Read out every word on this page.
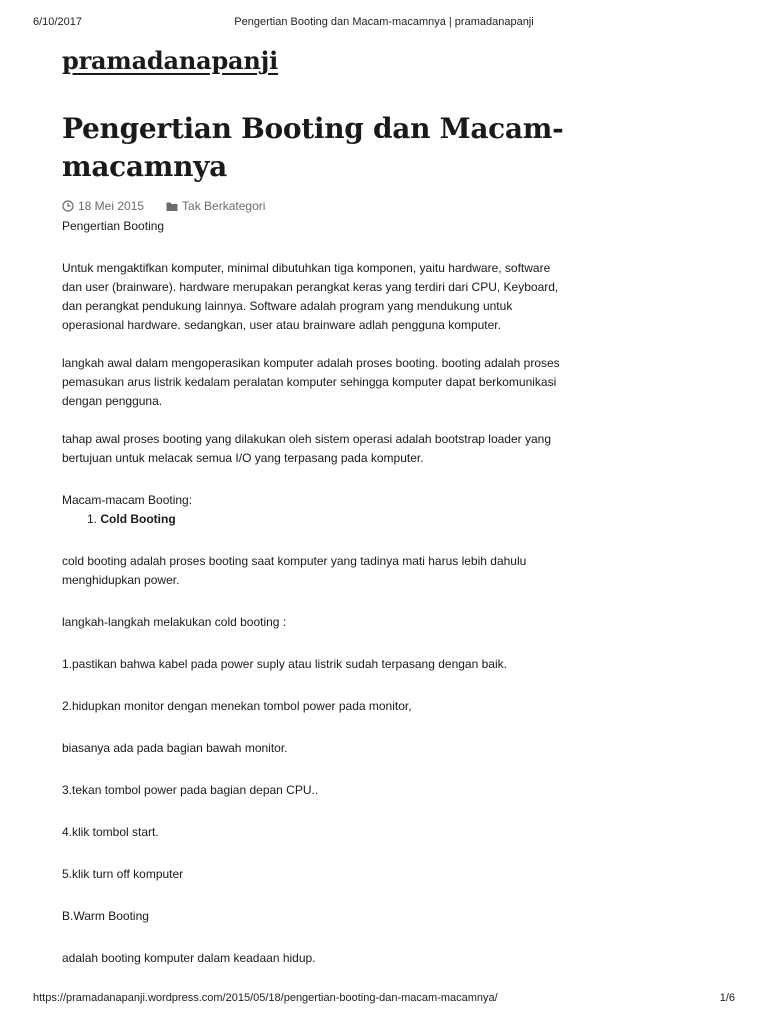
6/10/2017	Pengertian Booting dan Macam-macamnya | pramadanapanji
pramadanapanji
Pengertian Booting dan Macam-
macamnya
18 Mei 2015	Tak Berkategori

Pengertian Booting

Untuk mengaktifkan komputer, minimal dibutuhkan tiga komponen, yaitu hardware, software
dan user (brainware). hardware merupakan perangkat keras yang terdiri dari CPU, Keyboard,
dan perangkat pendukung lainnya. Software adalah program yang mendukung untuk
operasional hardware. sedangkan, user atau brainware adlah pengguna komputer.

langkah awal dalam mengoperasikan komputer adalah proses booting. booting adalah proses
pemasukan arus listrik kedalam peralatan komputer sehingga komputer dapat berkomunikasi
dengan pengguna.

tahap awal proses booting yang dilakukan oleh sistem operasi adalah bootstrap loader yang
bertujuan untuk melacak semua I/O yang terpasang pada komputer.

Macam-macam Booting:

1. Cold Booting

cold booting adalah proses booting saat komputer yang tadinya mati harus lebih dahulu
menghidupkan power.

langkah-langkah melakukan cold booting :

1.pastikan bahwa kabel pada power suply atau listrik sudah terpasang dengan baik.

2.hidupkan monitor dengan menekan tombol power pada monitor,

biasanya ada pada bagian bawah monitor.

3.tekan tombol power pada bagian depan CPU..

4.klik tombol start.

5.klik turn off komputer

B.Warm Booting

adalah booting komputer dalam keadaan hidup.

https://pramadanapanji.wordpress.com/2015/05/18/pengertian-booting-dan-macam-macamnya/	1/6
